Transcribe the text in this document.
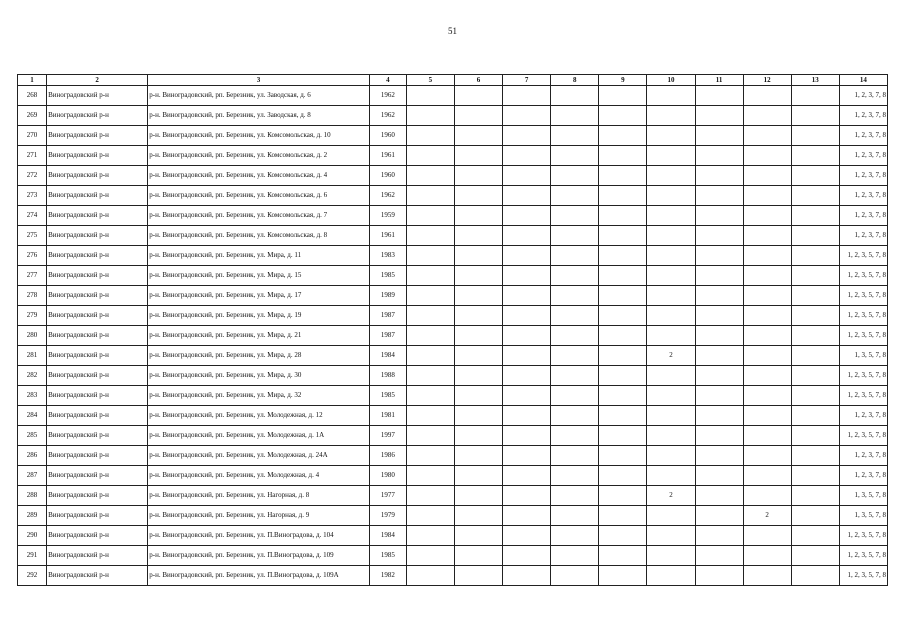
51
1	2	3	4	5	6	7	8	9	10	11	12	13	14
268	Виноградовский р-н	р-н. Виноградовский, рп. Березник, ул. Заводская, д. 6	1962										1, 2, 3, 7, 8
269	Виноградовский р-н	р-н. Виноградовский, рп. Березник, ул. Заводская, д. 8	1962										1, 2, 3, 7, 8
270	Виноградовский р-н	р-н. Виноградовский, рп. Березник, ул. Комсомольская, д. 10	1960										1, 2, 3, 7, 8
271	Виноградовский р-н	р-н. Виноградовский, рп. Березник, ул. Комсомольская, д. 2	1961										1, 2, 3, 7, 8
272	Виноградовский р-н	р-н. Виноградовский, рп. Березник, ул. Комсомольская, д. 4	1960										1, 2, 3, 7, 8
273	Виноградовский р-н	р-н. Виноградовский, рп. Березник, ул. Комсомольская, д. 6	1962										1, 2, 3, 7, 8
274	Виноградовский р-н	р-н. Виноградовский, рп. Березник, ул. Комсомольская, д. 7	1959										1, 2, 3, 7, 8
275	Виноградовский р-н	р-н. Виноградовский, рп. Березник, ул. Комсомольская, д. 8	1961										1, 2, 3, 7, 8
276	Виноградовский р-н	р-н. Виноградовский, рп. Березник, ул. Мира, д. 11	1983										1, 2, 3, 5, 7, 8
277	Виноградовский р-н	р-н. Виноградовский, рп. Березник, ул. Мира, д. 15	1985										1, 2, 3, 5, 7, 8
278	Виноградовский р-н	р-н. Виноградовский, рп. Березник, ул. Мира, д. 17	1989										1, 2, 3, 5, 7, 8
279	Виноградовский р-н	р-н. Виноградовский, рп. Березник, ул. Мира, д. 19	1987										1, 2, 3, 5, 7, 8
280	Виноградовский р-н	р-н. Виноградовский, рп. Березник, ул. Мира, д. 21	1987										1, 2, 3, 5, 7, 8
281	Виноградовский р-н	р-н. Виноградовский, рп. Березник, ул. Мира, д. 28	1984						2				1, 3, 5, 7, 8
282	Виноградовский р-н	р-н. Виноградовский, рп. Березник, ул. Мира, д. 30	1988										1, 2, 3, 5, 7, 8
283	Виноградовский р-н	р-н. Виноградовский, рп. Березник, ул. Мира, д. 32	1985										1, 2, 3, 5, 7, 8
284	Виноградовский р-н	р-н. Виноградовский, рп. Березник, ул. Молодежная, д. 12	1981										1, 2, 3, 7, 8
285	Виноградовский р-н	р-н. Виноградовский, рп. Березник, ул. Молодежная, д. 1А	1997										1, 2, 3, 5, 7, 8
286	Виноградовский р-н	р-н. Виноградовский, рп. Березник, ул. Молодежная, д. 24А	1986										1, 2, 3, 7, 8
287	Виноградовский р-н	р-н. Виноградовский, рп. Березник, ул. Молодежная, д. 4	1980										1, 2, 3, 7, 8
288	Виноградовский р-н	р-н. Виноградовский, рп. Березник, ул. Нагорная, д. 8	1977						2				1, 3, 5, 7, 8
289	Виноградовский р-н	р-н. Виноградовский, рп. Березник, ул. Нагорная, д. 9	1979								2		1, 3, 5, 7, 8
290	Виноградовский р-н	р-н. Виноградовский, рп. Березник, ул. П.Виноградова, д. 104	1984										1, 2, 3, 5, 7, 8
291	Виноградовский р-н	р-н. Виноградовский, рп. Березник, ул. П.Виноградова, д. 109	1985										1, 2, 3, 5, 7, 8
292	Виноградовский р-н	р-н. Виноградовский, рп. Березник, ул. П.Виноградова, д. 109А	1982										1, 2, 3, 5, 7, 8
